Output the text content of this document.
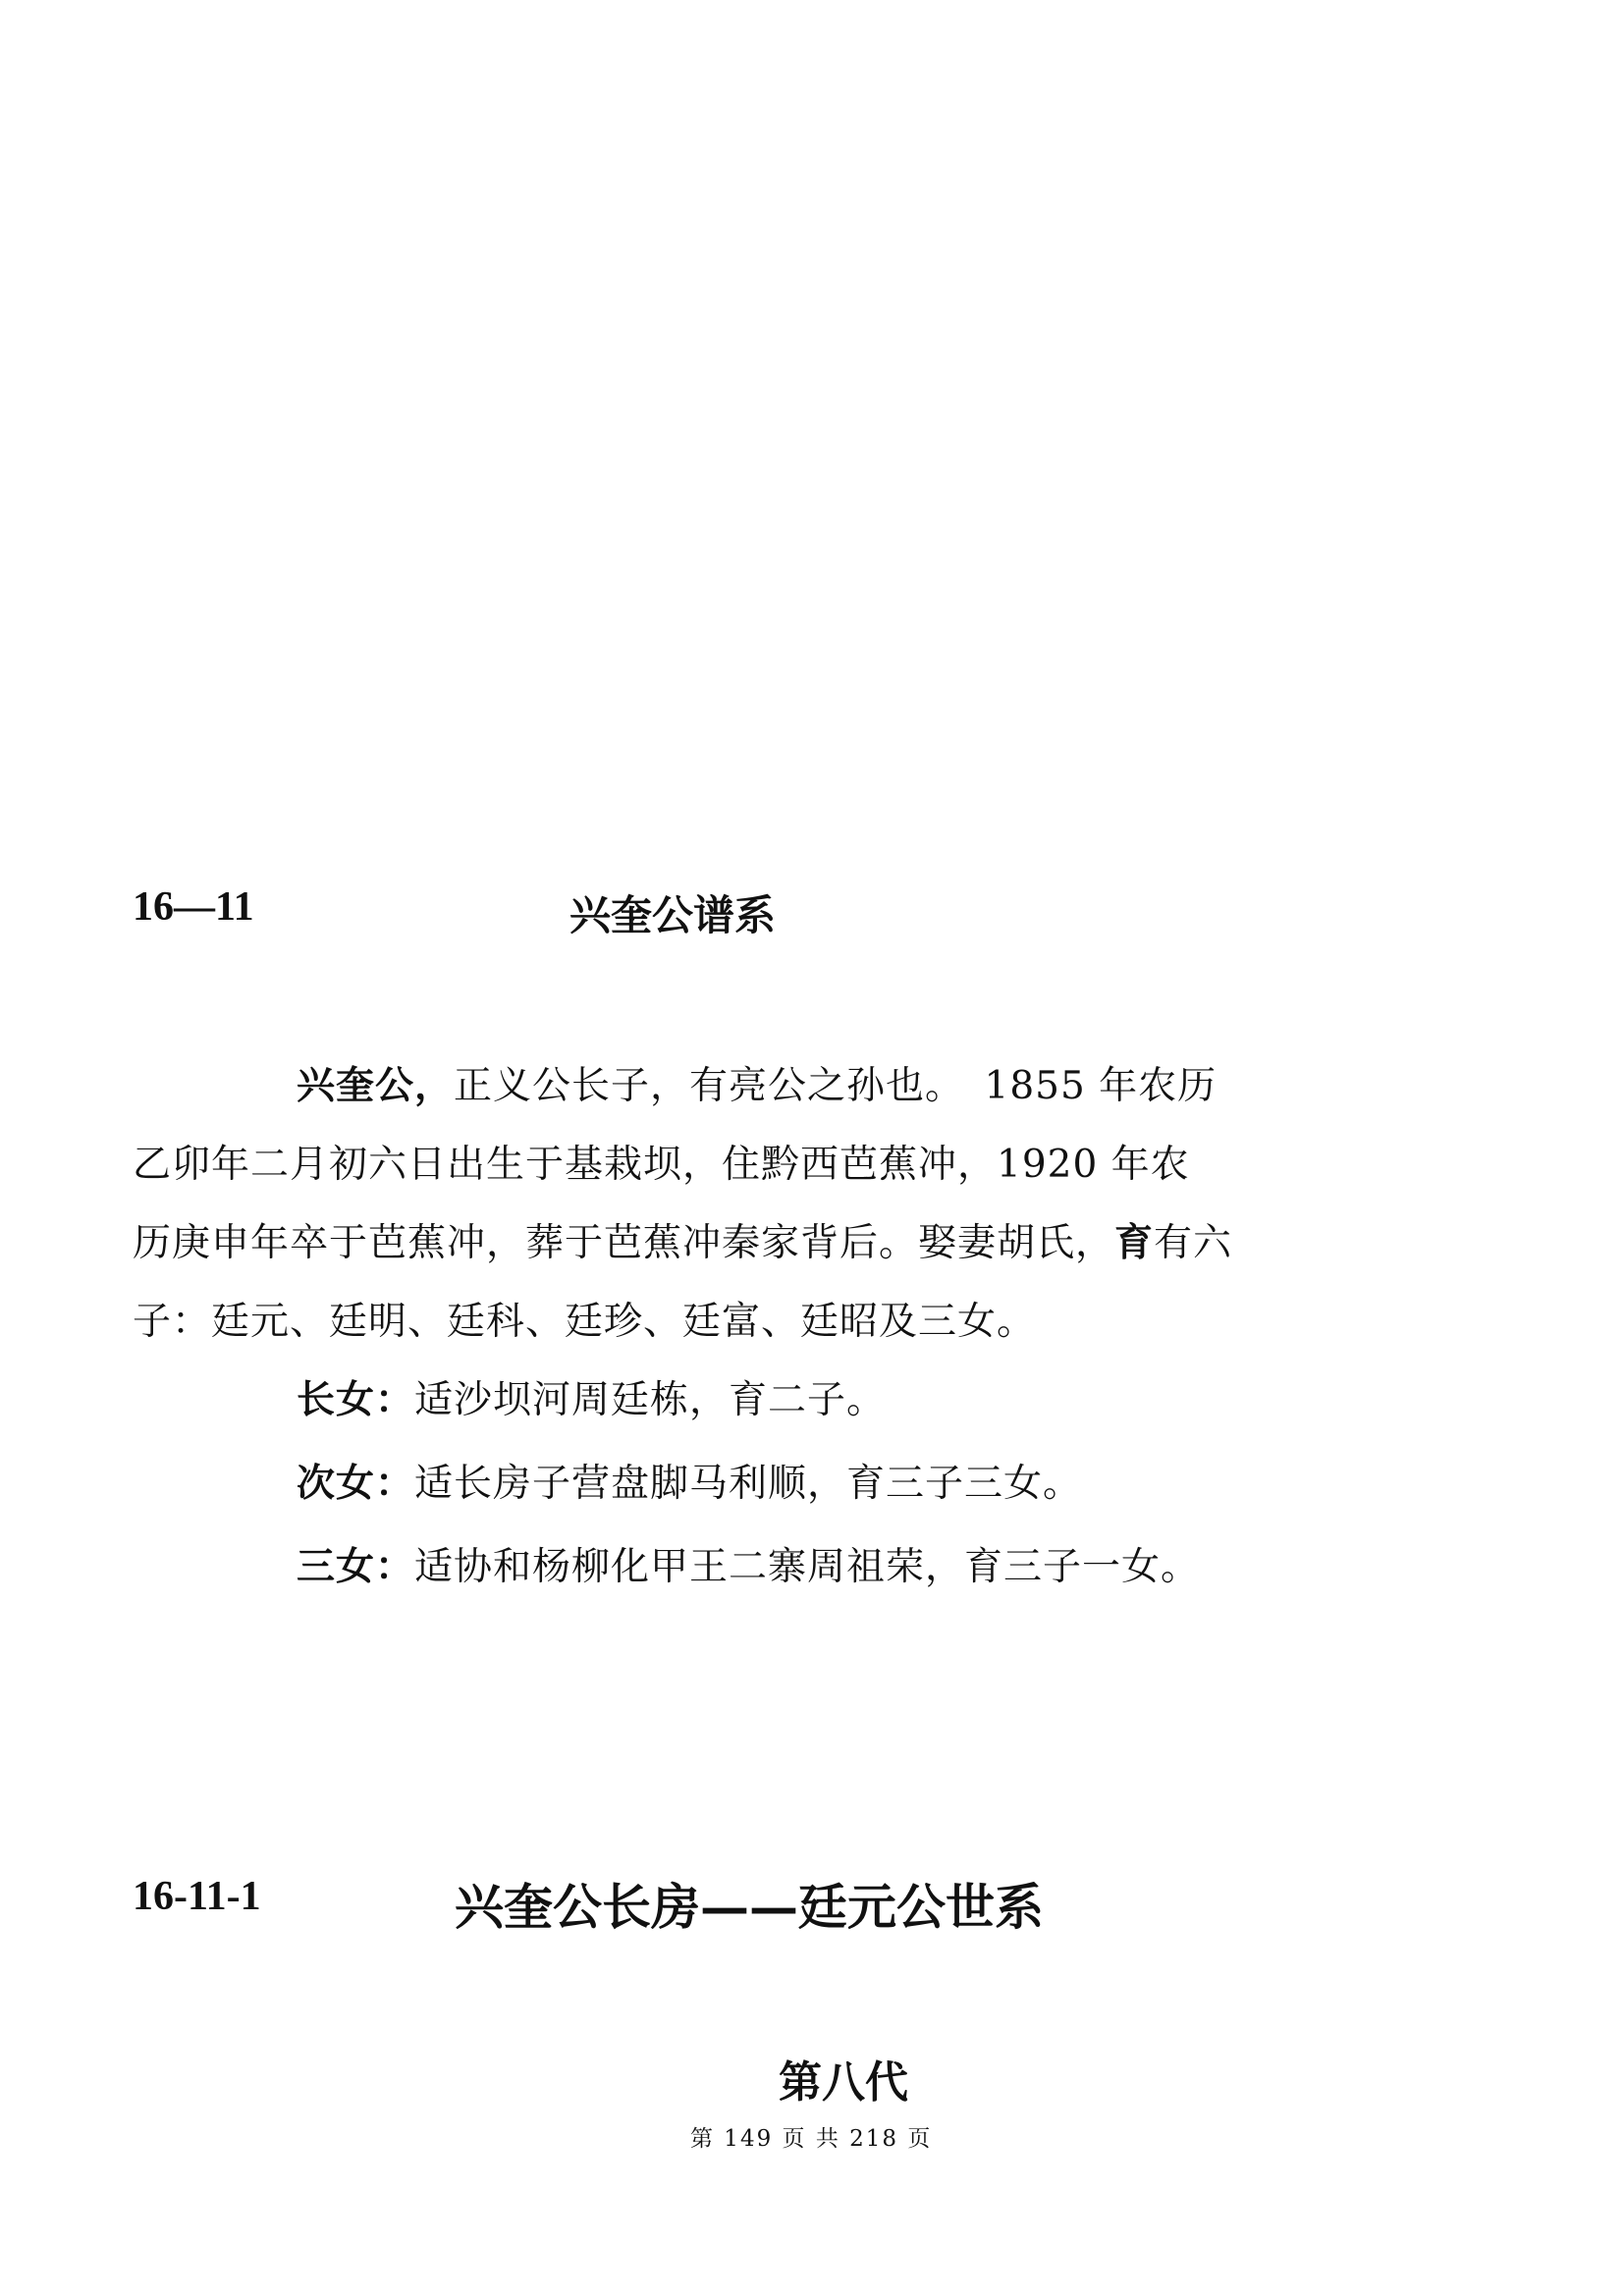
16—11	兴奎公谱系
兴奎公，正义公长子，有亮公之孙也。　1855 年农历
乙卯年二月初六日出生于基栽坝，住黔西芭蕉冲，1920 年农
历庚申年卒于芭蕉冲，葬于芭蕉冲秦家背后。娶妻胡氏，育有六
子：廷元、廷明、廷科、廷珍、廷富、廷昭及三女。
长女：适沙坝河周廷栋，育二子。
次女：适长房子营盘脚马利顺，育三子三女。
三女：适协和杨柳化甲王二寨周祖荣，育三子一女。
16-11-1	兴奎公长房——廷元公世系
第八代
第 149 页 共 218 页
